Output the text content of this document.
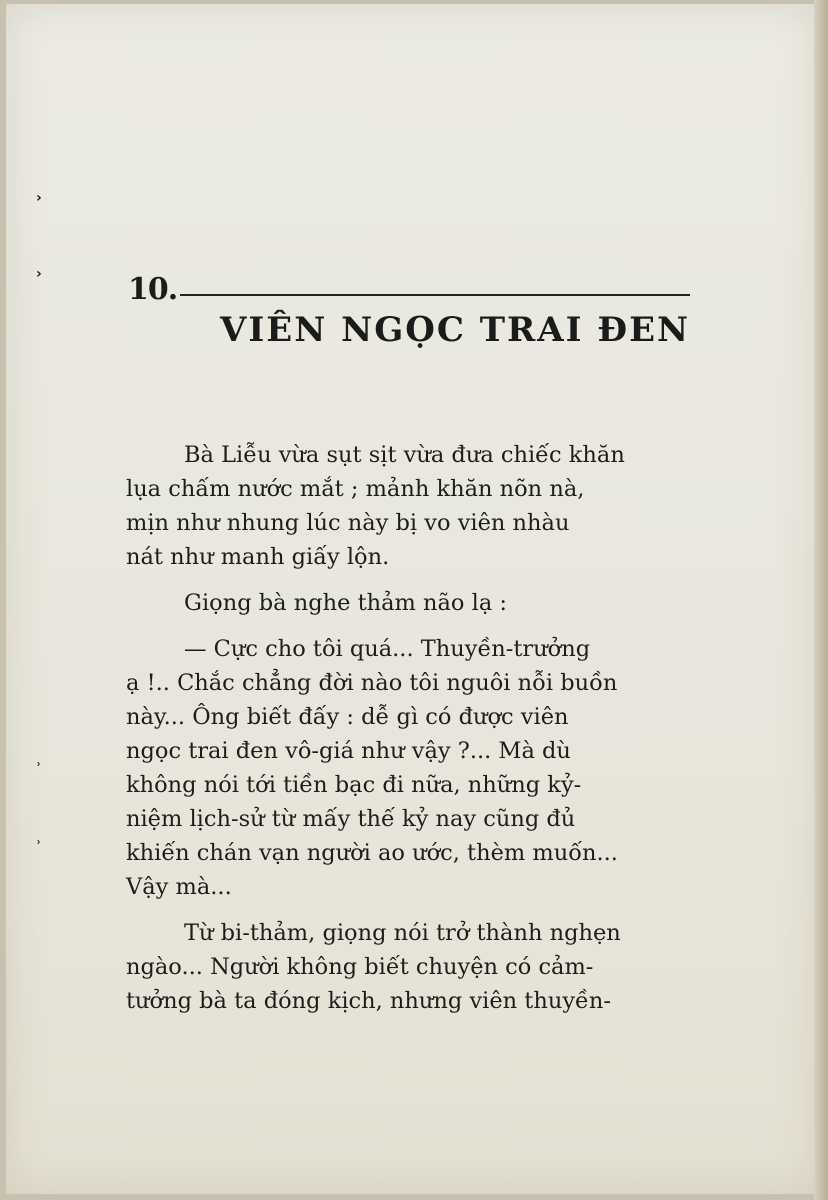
›
›
˒
˒
10.
VIÊN NGỌC TRAI ĐEN
Bà Liễu vừa sụt sịt vừa đưa chiếc khăn
lụa chấm nước mắt ; mảnh khăn nõn nà,
mịn như nhung lúc này bị vo viên nhàu
nát như manh giấy lộn.
Giọng bà nghe thảm não lạ :
— Cực cho tôi quá... Thuyền-trưởng
ạ !.. Chắc chẳng đời nào tôi nguôi nỗi buồn
này... Ông biết đấy : dễ gì có được viên
ngọc trai đen vô-giá như vậy ?... Mà dù
không nói tới tiền bạc đi nữa, những kỷ-
niệm lịch-sử từ mấy thế kỷ nay cũng đủ
khiến chán vạn người ao ước, thèm muốn...
Vậy mà...
Từ bi-thảm, giọng nói trở thành nghẹn
ngào... Người không biết chuyện có cảm-
tưởng bà ta đóng kịch, nhưng viên thuyền-
